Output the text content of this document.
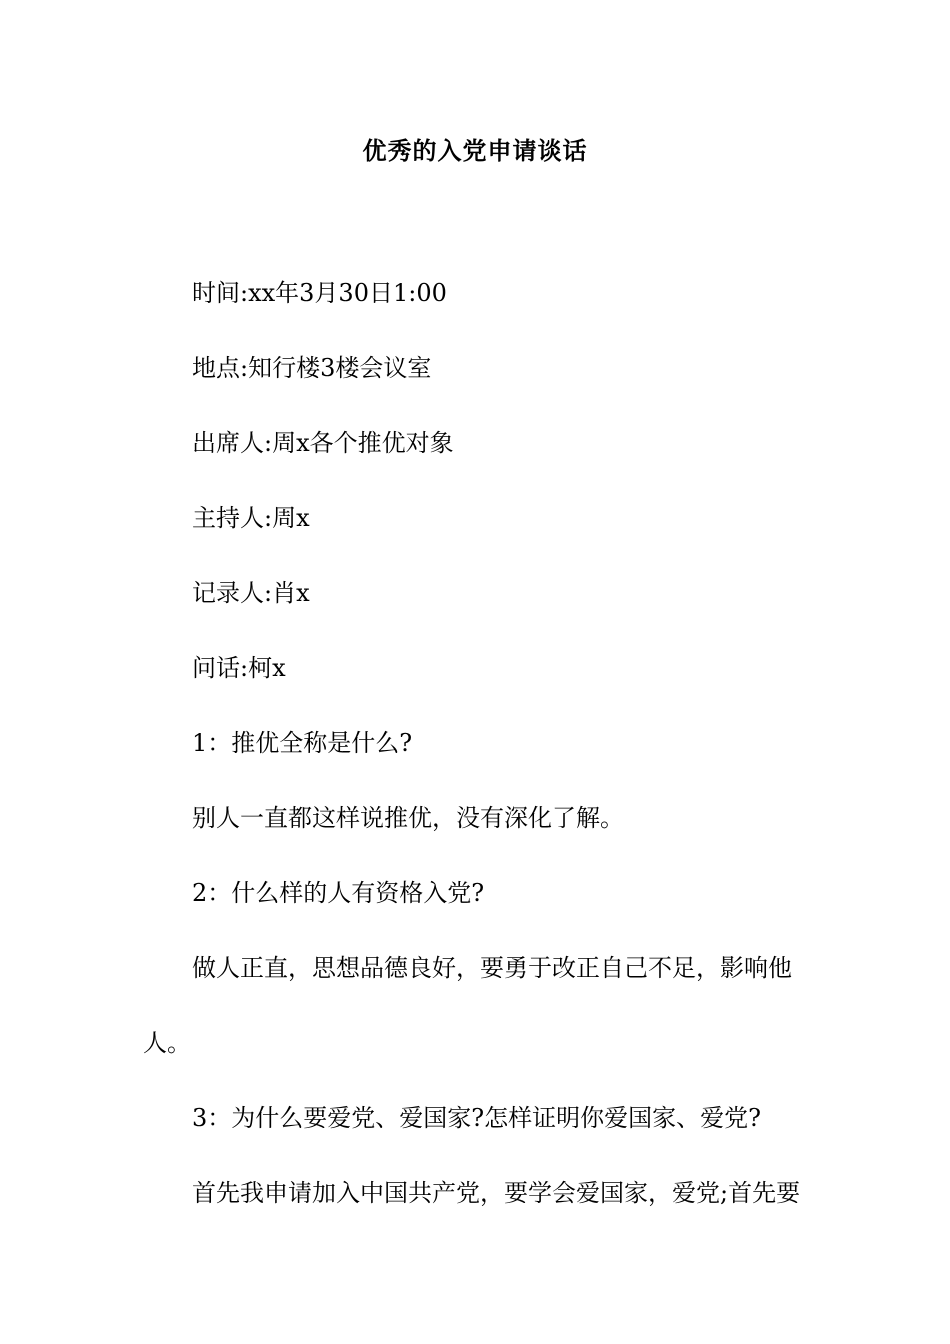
优秀的入党申请谈话

时间:xx年3月30日1:00

地点:知行楼3楼会议室

出席人:周x各个推优对象

主持人:周x

记录人:肖x

问话:柯x

1：推优全称是什么?

别人一直都这样说推优，没有深化了解。

2：什么样的人有资格入党?

做人正直，思想品德良好，要勇于改正自己不足，影响他人。

3：为什么要爱党、爱国家?怎样证明你爱国家、爱党?

首先我申请加入中国共产党，要学会爱国家，爱党;首先要
